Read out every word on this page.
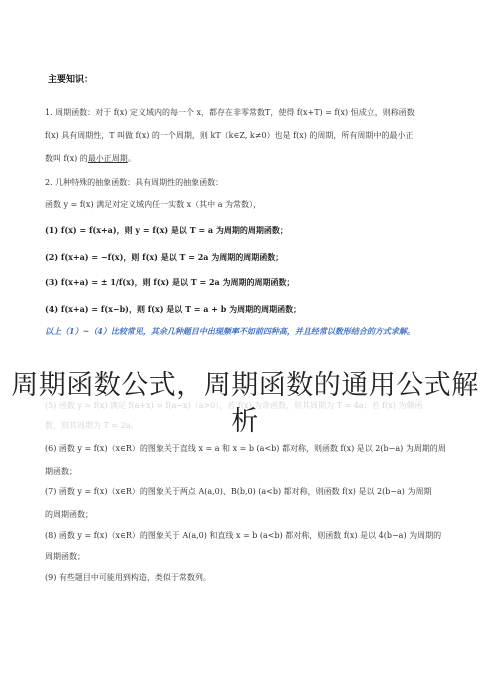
主要知识：
1. 周期函数：对于 f(x) 定义域内的每一个 x，都存在非零常数T，使得 f(x+T) = f(x) 恒成立，则称函数
f(x) 具有周期性，T 叫做 f(x) 的一个周期，则 kT（k∈Z, k≠0）也是 f(x) 的周期，所有周期中的最小正
数叫 f(x) 的最小正周期。
2. 几种特殊的抽象函数：具有周期性的抽象函数：
函数 y = f(x) 满足对定义域内任一实数 x（其中 a 为常数），
(1) f(x) = f(x+a)，则 y = f(x) 是以 T = a 为周期的周期函数；
(2) f(x+a) = −f(x)，则 f(x) 是以 T = 2a 为周期的周期函数；
(3) f(x+a) = ± 1/f(x)，则 f(x) 是以 T = 2a 为周期的周期函数；
(4) f(x+a) = f(x−b)，则 f(x) 是以 T = a + b 为周期的周期函数；
以上（1）~（4）比较常见，其余几种题目中出现频率不如前四种高，并且经常以数形结合的方式求解。
(6) 函数 y = f(x)（x∈R）的图象关于直线 x = a 和 x = b (a<b) 都对称，则函数 f(x) 是以 2(b−a) 为周期的周
期函数；
(7) 函数 y = f(x)（x∈R）的图象关于两点 A(a,0)、B(b,0) (a<b) 都对称，则函数 f(x) 是以 2(b−a) 为周期
的周期函数；
(8) 函数 y = f(x)（x∈R）的图象关于 A(a,0) 和直线 x = b (a<b) 都对称，则函数 f(x) 是以 4(b−a) 为周期的
周期函数；
(9) 有些题目中可能用到构造，类似于常数列。
周期函数公式，周期函数的通用公式解析
